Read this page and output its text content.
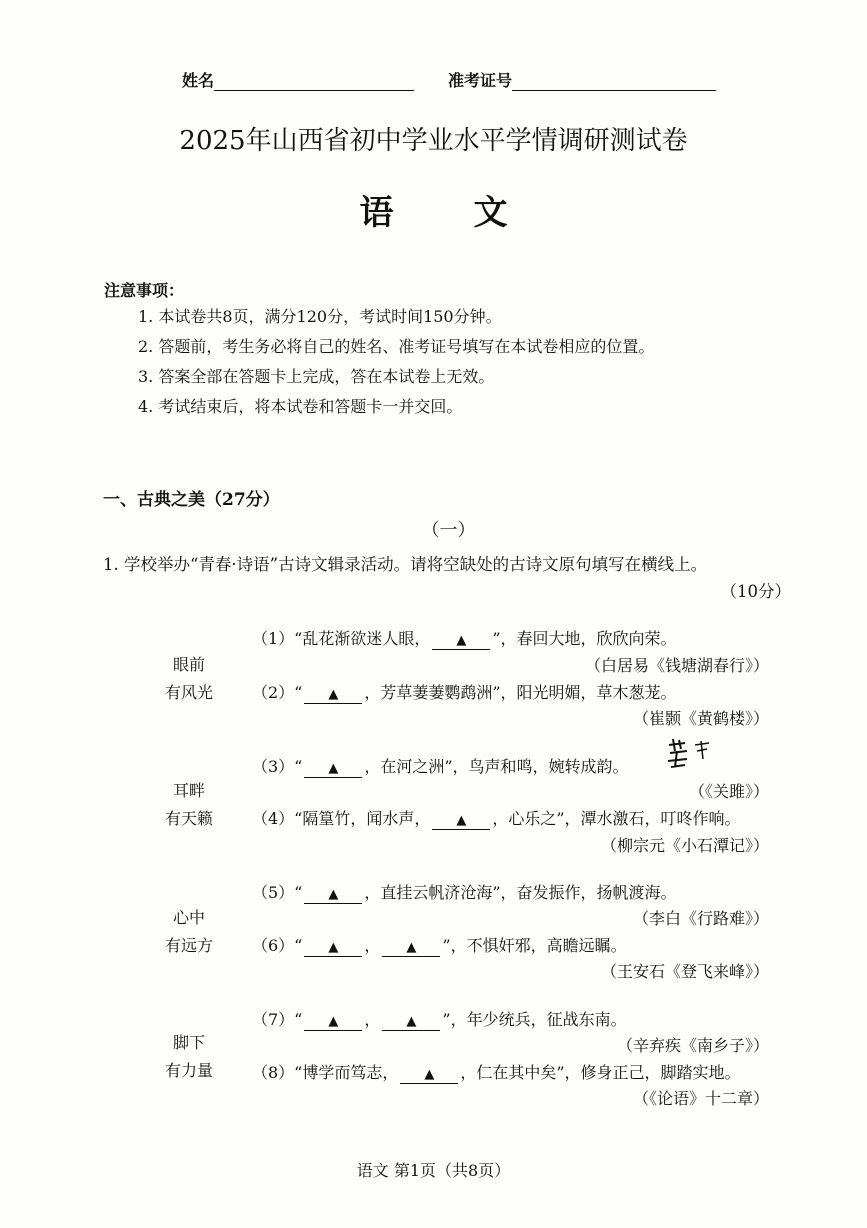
姓名	准考证号
2025年山西省初中学业水平学情调研测试卷
语文
注意事项：
1. 本试卷共8页，满分120分，考试时间150分钟。
2. 答题前，考生务必将自己的姓名、准考证号填写在本试卷相应的位置。
3. 答案全部在答题卡上完成，答在本试卷上无效。
4. 考试结束后，将本试卷和答题卡一并交回。
一、古典之美（27分）
（一）
1. 学校举办“青春·诗语”古诗文辑录活动。请将空缺处的古诗文原句填写在横线上。
（10分）
眼前
有风光
耳畔
有天籁
心中
有远方
脚下
有力量
（1）“乱花渐欲迷人眼， ▲ ”，春回大地，欣欣向荣。
（白居易《钱塘湖春行》）
（2）“ ▲ ，芳草萋萋鹦鹉洲”，阳光明媚，草木葱茏。
（崔颢《黄鹤楼》）
（3）“ ▲ ，在河之洲”，鸟声和鸣，婉转成韵。
（《关雎》）
（4）“隔篁竹，闻水声， ▲ ，心乐之”，潭水激石，叮咚作响。
（柳宗元《小石潭记》）
（5）“ ▲ ，直挂云帆济沧海”，奋发振作，扬帆渡海。
（李白《行路难》）
（6）“ ▲ ， ▲ ”，不惧奸邪，高瞻远瞩。
（王安石《登飞来峰》）
（7）“ ▲ ， ▲ ”，年少统兵，征战东南。
（辛弃疾《南乡子》）
（8）“博学而笃志， ▲ ，仁在其中矣”，修身正己，脚踏实地。
（《论语》十二章）
语文 第1页（共8页）
